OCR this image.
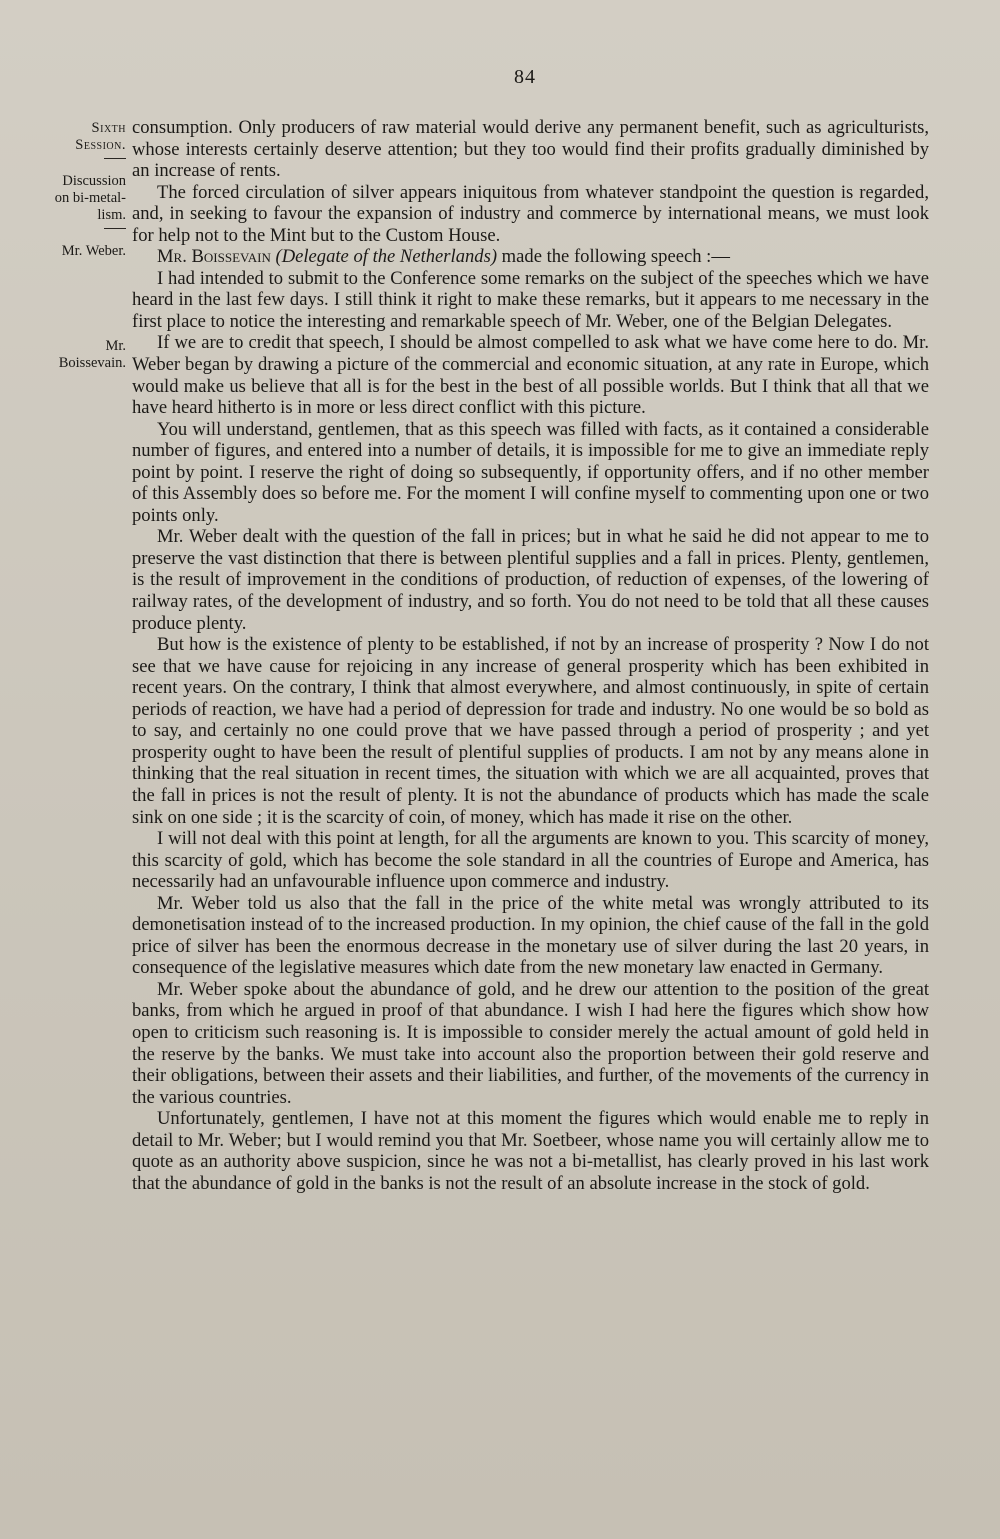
84
Sixth
Session.
Discussion
on bi-metal-
lism.
Mr. Weber.
Mr.
Boissevain.

consumption. Only producers of raw material would derive any permanent benefit, such as agriculturists, whose interests certainly deserve attention; but they too would find their profits gradually diminished by an increase of rents.

The forced circulation of silver appears iniquitous from whatever standpoint the question is regarded, and, in seeking to favour the expansion of industry and commerce by international means, we must look for help not to the Mint but to the Custom House.

Mr. Boissevain (Delegate of the Netherlands) made the following speech :—

I had intended to submit to the Conference some remarks on the subject of the speeches which we have heard in the last few days. I still think it right to make these remarks, but it appears to me necessary in the first place to notice the interesting and remarkable speech of Mr. Weber, one of the Belgian Delegates.

If we are to credit that speech, I should be almost compelled to ask what we have come here to do. Mr. Weber began by drawing a picture of the commercial and economic situation, at any rate in Europe, which would make us believe that all is for the best in the best of all possible worlds. But I think that all that we have heard hitherto is in more or less direct conflict with this picture.

You will understand, gentlemen, that as this speech was filled with facts, as it contained a considerable number of figures, and entered into a number of details, it is impossible for me to give an immediate reply point by point. I reserve the right of doing so subsequently, if opportunity offers, and if no other member of this Assembly does so before me. For the moment I will confine myself to commenting upon one or two points only.

Mr. Weber dealt with the question of the fall in prices; but in what he said he did not appear to me to preserve the vast distinction that there is between plentiful supplies and a fall in prices. Plenty, gentlemen, is the result of improvement in the conditions of production, of reduction of expenses, of the lowering of railway rates, of the development of industry, and so forth. You do not need to be told that all these causes produce plenty.

But how is the existence of plenty to be established, if not by an increase of prosperity ? Now I do not see that we have cause for rejoicing in any increase of general prosperity which has been exhibited in recent years. On the contrary, I think that almost everywhere, and almost continuously, in spite of certain periods of reaction, we have had a period of depression for trade and industry. No one would be so bold as to say, and certainly no one could prove that we have passed through a period of prosperity ; and yet prosperity ought to have been the result of plentiful supplies of products. I am not by any means alone in thinking that the real situation in recent times, the situation with which we are all acquainted, proves that the fall in prices is not the result of plenty. It is not the abundance of products which has made the scale sink on one side ; it is the scarcity of coin, of money, which has made it rise on the other.

I will not deal with this point at length, for all the arguments are known to you. This scarcity of money, this scarcity of gold, which has become the sole standard in all the countries of Europe and America, has necessarily had an unfavourable influence upon commerce and industry.

Mr. Weber told us also that the fall in the price of the white metal was wrongly attributed to its demonetisation instead of to the increased production. In my opinion, the chief cause of the fall in the gold price of silver has been the enormous decrease in the monetary use of silver during the last 20 years, in consequence of the legislative measures which date from the new monetary law enacted in Germany.

Mr. Weber spoke about the abundance of gold, and he drew our attention to the position of the great banks, from which he argued in proof of that abundance. I wish I had here the figures which show how open to criticism such reasoning is. It is impossible to consider merely the actual amount of gold held in the reserve by the banks. We must take into account also the proportion between their gold reserve and their obligations, between their assets and their liabilities, and further, of the movements of the currency in the various countries.

Unfortunately, gentlemen, I have not at this moment the figures which would enable me to reply in detail to Mr. Weber; but I would remind you that Mr. Soetbeer, whose name you will certainly allow me to quote as an authority above suspicion, since he was not a bi-metallist, has clearly proved in his last work that the abundance of gold in the banks is not the result of an absolute increase in the stock of gold.
